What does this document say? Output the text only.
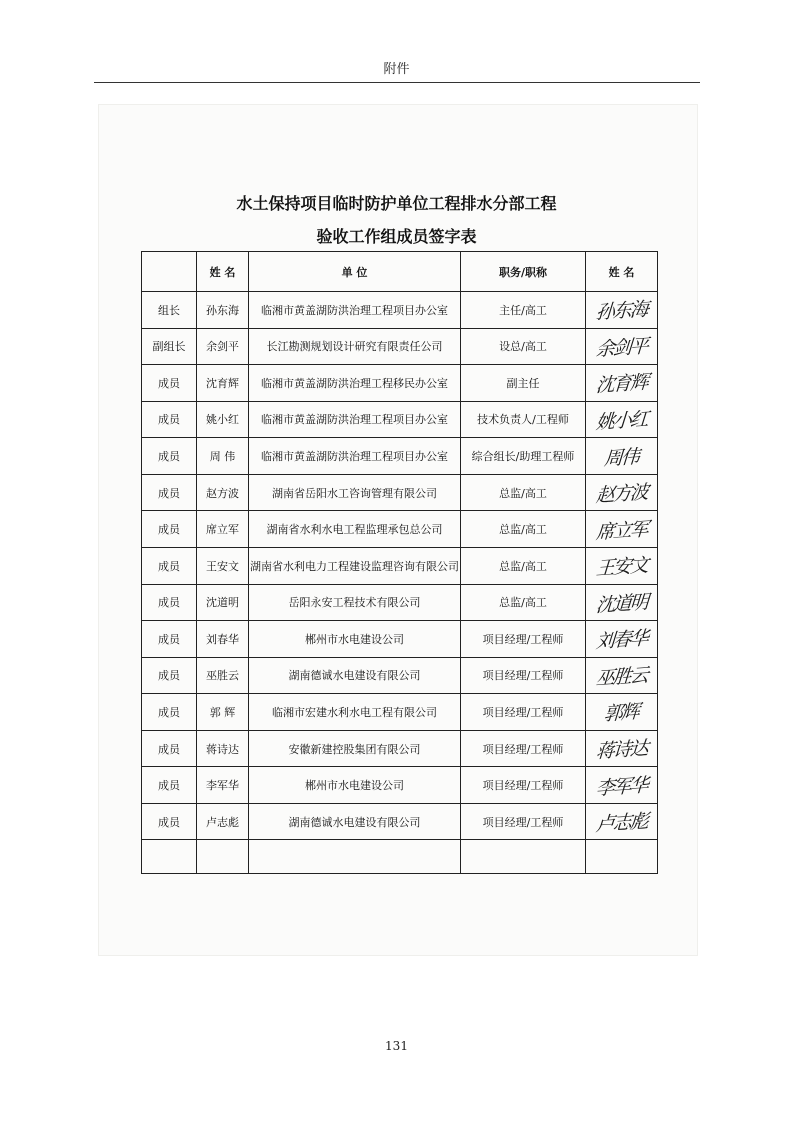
附件
水土保持项目临时防护单位工程排水分部工程
验收工作组成员签字表
	姓 名	单 位	职务/职称	姓 名
组长	孙东海	临湘市黄盖湖防洪治理工程项目办公室	主任/高工	孙东海
副组长	余剑平	长江勘测规划设计研究有限责任公司	设总/高工	余剑平
成员	沈育辉	临湘市黄盖湖防洪治理工程移民办公室	副主任	沈育辉
成员	姚小红	临湘市黄盖湖防洪治理工程项目办公室	技术负责人/工程师	姚小红
成员	周 伟	临湘市黄盖湖防洪治理工程项目办公室	综合组长/助理工程师	周伟
成员	赵方波	湖南省岳阳水工咨询管理有限公司	总监/高工	赵方波
成员	席立军	湖南省水利水电工程监理承包总公司	总监/高工	席立军
成员	王安文	湖南省水利电力工程建设监理咨询有限公司	总监/高工	王安文
成员	沈道明	岳阳永安工程技术有限公司	总监/高工	沈道明
成员	刘春华	郴州市水电建设公司	项目经理/工程师	刘春华
成员	巫胜云	湖南德诚水电建设有限公司	项目经理/工程师	巫胜云
成员	郭 辉	临湘市宏建水利水电工程有限公司	项目经理/工程师	郭辉
成员	蒋诗达	安徽新建控股集团有限公司	项目经理/工程师	蒋诗达
成员	李军华	郴州市水电建设公司	项目经理/工程师	李军华
成员	卢志彪	湖南德诚水电建设有限公司	项目经理/工程师	卢志彪

131
